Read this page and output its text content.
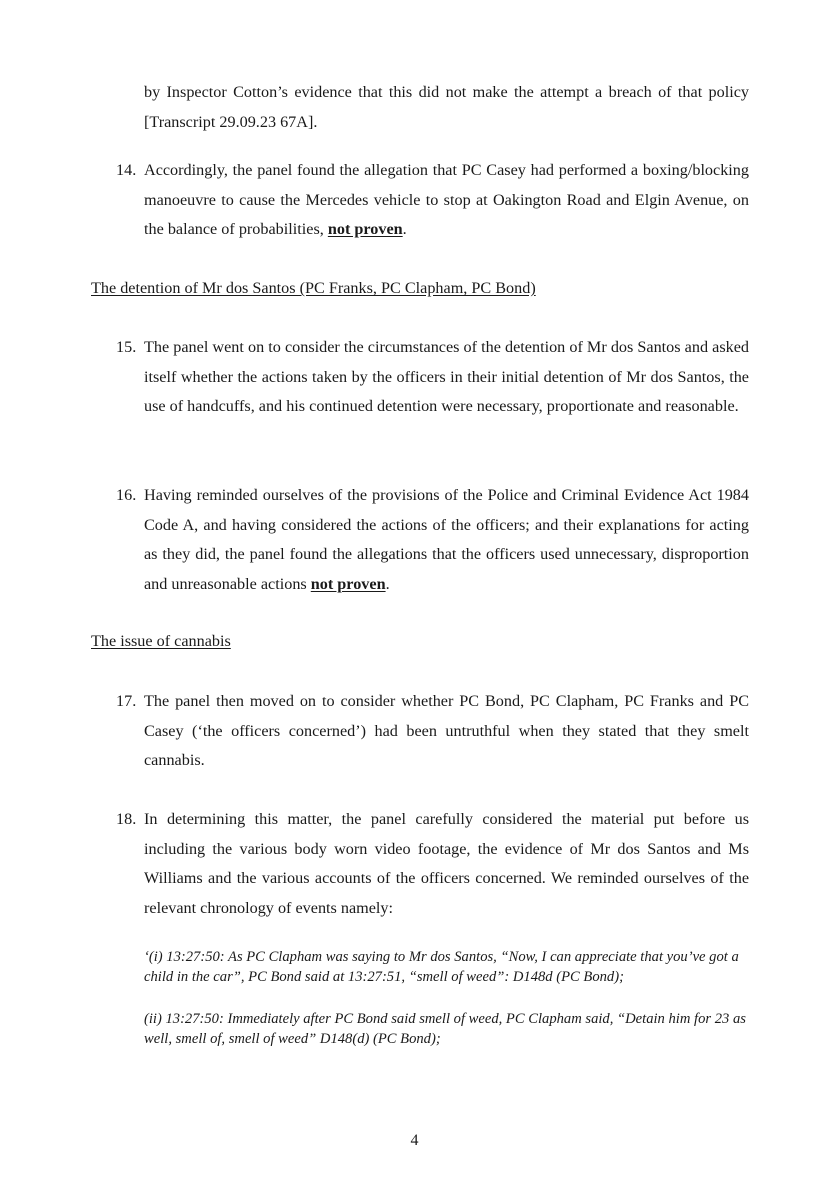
by Inspector Cotton’s evidence that this did not make the attempt a breach of that policy [Transcript 29.09.23 67A].
14. Accordingly, the panel found the allegation that PC Casey had performed a boxing/blocking manoeuvre to cause the Mercedes vehicle to stop at Oakington Road and Elgin Avenue, on the balance of probabilities, not proven.
The detention of Mr dos Santos (PC Franks, PC Clapham, PC Bond)
15. The panel went on to consider the circumstances of the detention of Mr dos Santos and asked itself whether the actions taken by the officers in their initial detention of Mr dos Santos, the use of handcuffs, and his continued detention were necessary, proportionate and reasonable.
16. Having reminded ourselves of the provisions of the Police and Criminal Evidence Act 1984 Code A, and having considered the actions of the officers; and their explanations for acting as they did, the panel found the allegations that the officers used unnecessary, disproportion and unreasonable actions not proven.
The issue of cannabis
17. The panel then moved on to consider whether PC Bond, PC Clapham, PC Franks and PC Casey (‘the officers concerned’) had been untruthful when they stated that they smelt cannabis.
18. In determining this matter, the panel carefully considered the material put before us including the various body worn video footage, the evidence of Mr dos Santos and Ms Williams and the various accounts of the officers concerned. We reminded ourselves of the relevant chronology of events namely:
‘(i) 13:27:50: As PC Clapham was saying to Mr dos Santos, “Now, I can appreciate that you’ve got a child in the car”, PC Bond said at 13:27:51, “smell of weed”: D148d (PC Bond);
(ii) 13:27:50: Immediately after PC Bond said smell of weed, PC Clapham said, “Detain him for 23 as well, smell of, smell of weed” D148(d) (PC Bond);
4
